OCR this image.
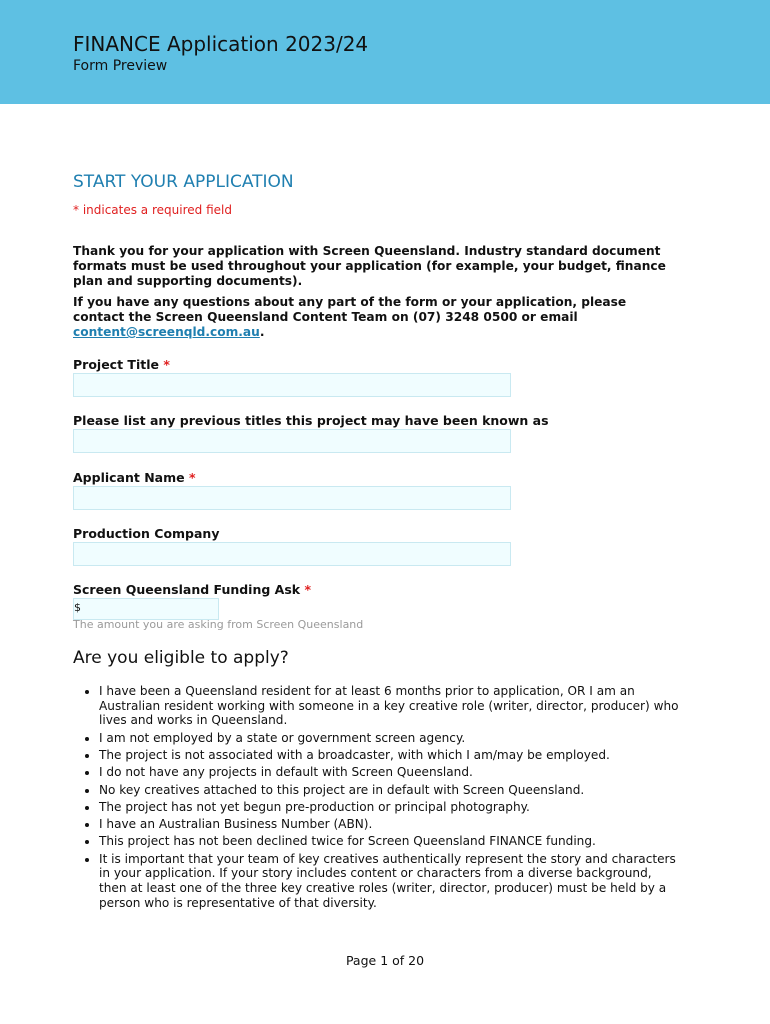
FINANCE Application 2023/24
Form Preview
START YOUR APPLICATION
* indicates a required field

Thank you for your application with Screen Queensland. Industry standard document formats must be used throughout your application (for example, your budget, finance plan and supporting documents).

If you have any questions about any part of the form or your application, please contact the Screen Queensland Content Team on (07) 3248 0500 or email content@screenqld.com.au.

Project Title *
Please list any previous titles this project may have been known as
Applicant Name *
Production Company
Screen Queensland Funding Ask *
$
The amount you are asking from Screen Queensland
Are you eligible to apply?
• I have been a Queensland resident for at least 6 months prior to application, OR I am an Australian resident working with someone in a key creative role (writer, director, producer) who lives and works in Queensland.
• I am not employed by a state or government screen agency.
• The project is not associated with a broadcaster, with which I am/may be employed.
• I do not have any projects in default with Screen Queensland.
• No key creatives attached to this project are in default with Screen Queensland.
• The project has not yet begun pre-production or principal photography.
• I have an Australian Business Number (ABN).
• This project has not been declined twice for Screen Queensland FINANCE funding.
• It is important that your team of key creatives authentically represent the story and characters in your application. If your story includes content or characters from a diverse background, then at least one of the three key creative roles (writer, director, producer) must be held by a person who is representative of that diversity.
Page 1 of 20
